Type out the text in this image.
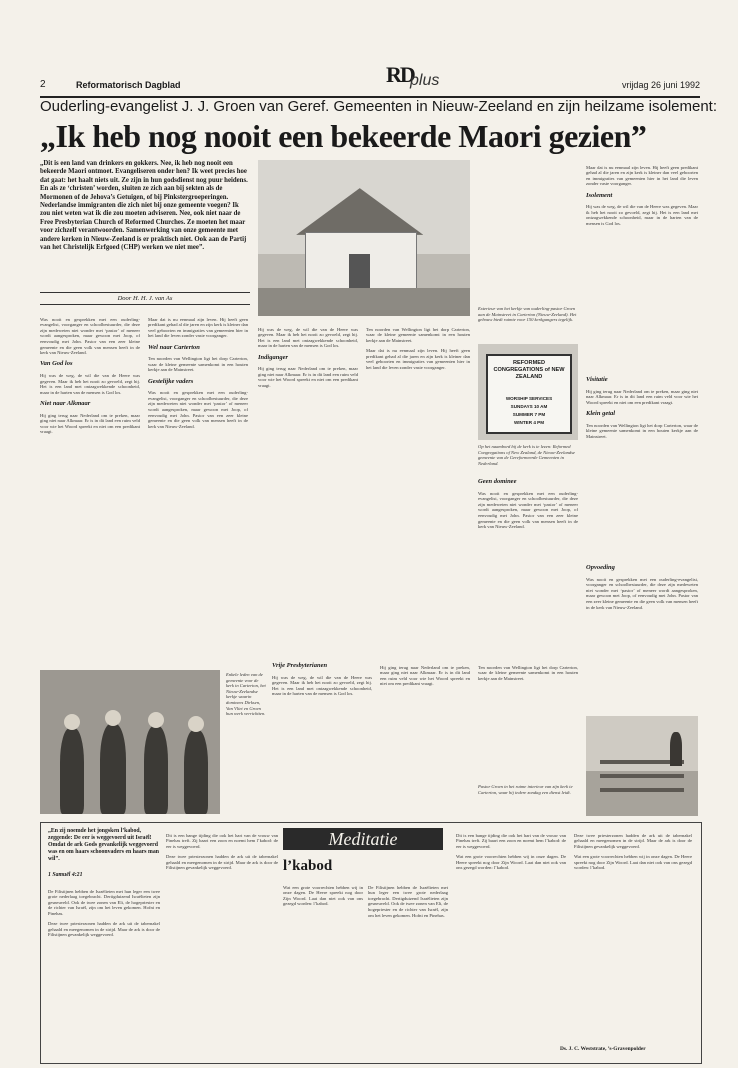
2	Reformatorisch Dagblad	RD
plus	vrijdag 26 juni 1992
Ouderling-evangelist J. J. Groen van Geref. Gemeenten in Nieuw-Zeeland en zijn heilzame isolement:
„Ik heb nog nooit een bekeerde Maori gezien”
„Dit is een land van drinkers en gokkers. Nee, ik heb nog nooit een bekeerde Maori ontmoet. Evangeliseren onder hen? Ik weet precies hoe dat gaat: het haalt niets uit. Ze zijn in hun godsdienst nog puur heidens. En als ze ‘christen’ worden, sluiten ze zich aan bij sekten als de Mormonen of de Jehova’s Getuigen, of bij Pinkstergroeperingen. Nederlandse immigranten die zich niet bij onze gemeente voegen? Ik zou niet weten wat ik die zou moeten adviseren. Nee, ook niet naar de Free Presbyterian Church of Reformed Churches. Ze moeten het maar voor zichzelf verantwoorden. Samenwerking van onze gemeente met andere kerken in Nieuw-Zeeland is er praktisch niet. Ook aan de Partij van het Christelijk Erfgoed (CHP) werken we niet mee”.
Door H. H. J. van As

Was nooit en gesprekken met een ouderling-evangelist, voorganger en schoolbestuurder, die deze zijn medeweten niet wonder met ‘pastor’ of meneer wordt aangesproken, maar gewoon met Joop, of eenvoudig met John. Pastor van een zeer kleine gemeente en die geen volk van mensen heeft in de kerk van Nieuw-Zeeland.

Van God los

Hij was de weg, de wil die van de Heere was gegeven. Maar ik heb het nooit zo gevoeld, zegt hij. Het is een land met ontzagwekkende schoonheid, maar in de harten van de mensen is God los.

Niet naar Alkmaar

Hij ging terug naar Nederland om te preken, maar ging niet naar Alkmaar. Er is in dit land een ruim veld voor wie het Woord spreekt en niet om een predikant vraagt.

Maar dat is nu eenmaal zijn leven. Hij heeft geen predikant gehad al die jaren en zijn kerk is kleiner dan veel geboorten en immigraties van gemeenten hier in het land die leven zonder vaste voorganger.

Wel naar Carterton

Ten noorden van Wellington ligt het dorp Carterton, waar de kleine gemeente samenkomt in een houten kerkje aan de Mainstreet.

Gestelijke vaders

Was nooit en gesprekken met een ouderling-evangelist, voorganger en schoolbestuurder, die deze zijn medeweten niet wonder met ‘pastor’ of meneer wordt aangesproken, maar gewoon met Joop, of eenvoudig met John. Pastor van een zeer kleine gemeente en die geen volk van mensen heeft in de kerk van Nieuw-Zeeland.

Hij was de weg, de wil die van de Heere was gegeven. Maar ik heb het nooit zo gevoeld, zegt hij. Het is een land met ontzagwekkende schoonheid, maar in de harten van de mensen is God los.

Indiganger

Hij ging terug naar Nederland om te preken, maar ging niet naar Alkmaar. Er is in dit land een ruim veld voor wie het Woord spreekt en niet om een predikant vraagt.

Ten noorden van Wellington ligt het dorp Carterton, waar de kleine gemeente samenkomt in een houten kerkje aan de Mainstreet.

Maar dat is nu eenmaal zijn leven. Hij heeft geen predikant gehad al die jaren en zijn kerk is kleiner dan veel geboorten en immigraties van gemeenten hier in het land die leven zonder vaste voorganger.

Exterieur van het kerkje van ouderling-pastor Groen aan de Mainstreet in Carterton (Nieuw-Zeeland). Het gebouw biedt ruimte voor 150 kerkgangers tegelijk.
REFORMED CONGREGATIONS of NEW ZEALAND
WORSHIP SERVICES
SUNDAYS 10 AM
SUMMER 7 PM
WINTER 4 PM
Op het naambord bij de kerk is te lezen: Reformed Congregations of New Zealand, de Nieuw-Zeelandse gemeente van de Gereformeerde Gemeenten in Nederland.
Geen dominee

Was nooit en gesprekken met een ouderling-evangelist, voorganger en schoolbestuurder, die deze zijn medeweten niet wonder met ‘pastor’ of meneer wordt aangesproken, maar gewoon met Joop, of eenvoudig met John. Pastor van een zeer kleine gemeente en die geen volk van mensen heeft in de kerk van Nieuw-Zeeland.

Maar dat is nu eenmaal zijn leven. Hij heeft geen predikant gehad al die jaren en zijn kerk is kleiner dan veel geboorten en immigraties van gemeenten hier in het land die leven zonder vaste voorganger.

Isolement

Hij was de weg, de wil die van de Heere was gegeven. Maar ik heb het nooit zo gevoeld, zegt hij. Het is een land met ontzagwekkende schoonheid, maar in de harten van de mensen is God los.

Visitatie

Hij ging terug naar Nederland om te preken, maar ging niet naar Alkmaar. Er is in dit land een ruim veld voor wie het Woord spreekt en niet om een predikant vraagt.

Klein getal

Ten noorden van Wellington ligt het dorp Carterton, waar de kleine gemeente samenkomt in een houten kerkje aan de Mainstreet.

Opvoeding

Was nooit en gesprekken met een ouderling-evangelist, voorganger en schoolbestuurder, die deze zijn medeweten niet wonder met ‘pastor’ of meneer wordt aangesproken, maar gewoon met Joop, of eenvoudig met John. Pastor van een zeer kleine gemeente en die geen volk van mensen heeft in de kerk van Nieuw-Zeeland.

Enkele leden van de gemeente voor de kerk in Carterton, het Nieuw-Zeelandse kerkje waarin dominees Dirksen, Van Vliet en Groen hun werk verrichtten.
Vrije Presbyterianen

Hij was de weg, de wil die van de Heere was gegeven. Maar ik heb het nooit zo gevoeld, zegt hij. Het is een land met ontzagwekkende schoonheid, maar in de harten van de mensen is God los.

Hij ging terug naar Nederland om te preken, maar ging niet naar Alkmaar. Er is in dit land een ruim veld voor wie het Woord spreekt en niet om een predikant vraagt.

Ten noorden van Wellington ligt het dorp Carterton, waar de kleine gemeente samenkomt in een houten kerkje aan de Mainstreet.

Pastor Groen in het ruime interieur van zijn kerk te Carterton, waar hij iedere zondag een dienst leidt.
Meditatie
l’kabod
„En zij noemde het jongsken l’kabod, zeggende: De eer is weggevoerd uit Israël! Omdat de ark Gods gevankelijk weggevoerd was en om haars schoonvaders en haars man wil”.
1 Samuël 4:21

De Filistijnen hebben de Israëlieten met hun leger een twee grote nederlaag toegebracht. Dertigduizend Israëlieten zijn gesneuveld. Ook de twee zonen van Eli, de hogepriester en de richter van Israël, zijn om het leven gekomen. Hofni en Pinehas.

Deze twee priesterzonen hadden de ark uit de tabernakel gehaald en meegenomen in de strijd. Maar de ark is door de Filistijnen gevankelijk weggevoerd.

Dit is een bange tijding die ook het hart van de vrouw van Pinehas treft. Zij baart een zoon en noemt hem l’kabod: de eer is weggevoerd.

Deze twee priesterzonen hadden de ark uit de tabernakel gehaald en meegenomen in de strijd. Maar de ark is door de Filistijnen gevankelijk weggevoerd.

Wat een grote voorrechten hebben wij in onze dagen. De Heere spreekt nog door Zijn Woord. Laat dan niet ook van ons gezegd worden: l’kabod.

De Filistijnen hebben de Israëlieten met hun leger een twee grote nederlaag toegebracht. Dertigduizend Israëlieten zijn gesneuveld. Ook de twee zonen van Eli, de hogepriester en de richter van Israël, zijn om het leven gekomen. Hofni en Pinehas.

Dit is een bange tijding die ook het hart van de vrouw van Pinehas treft. Zij baart een zoon en noemt hem l’kabod: de eer is weggevoerd.

Wat een grote voorrechten hebben wij in onze dagen. De Heere spreekt nog door Zijn Woord. Laat dan niet ook van ons gezegd worden: l’kabod.

Deze twee priesterzonen hadden de ark uit de tabernakel gehaald en meegenomen in de strijd. Maar de ark is door de Filistijnen gevankelijk weggevoerd.

Wat een grote voorrechten hebben wij in onze dagen. De Heere spreekt nog door Zijn Woord. Laat dan niet ook van ons gezegd worden: l’kabod.

Ds. J. C. Weststrate, ’s-Gravenpolder
